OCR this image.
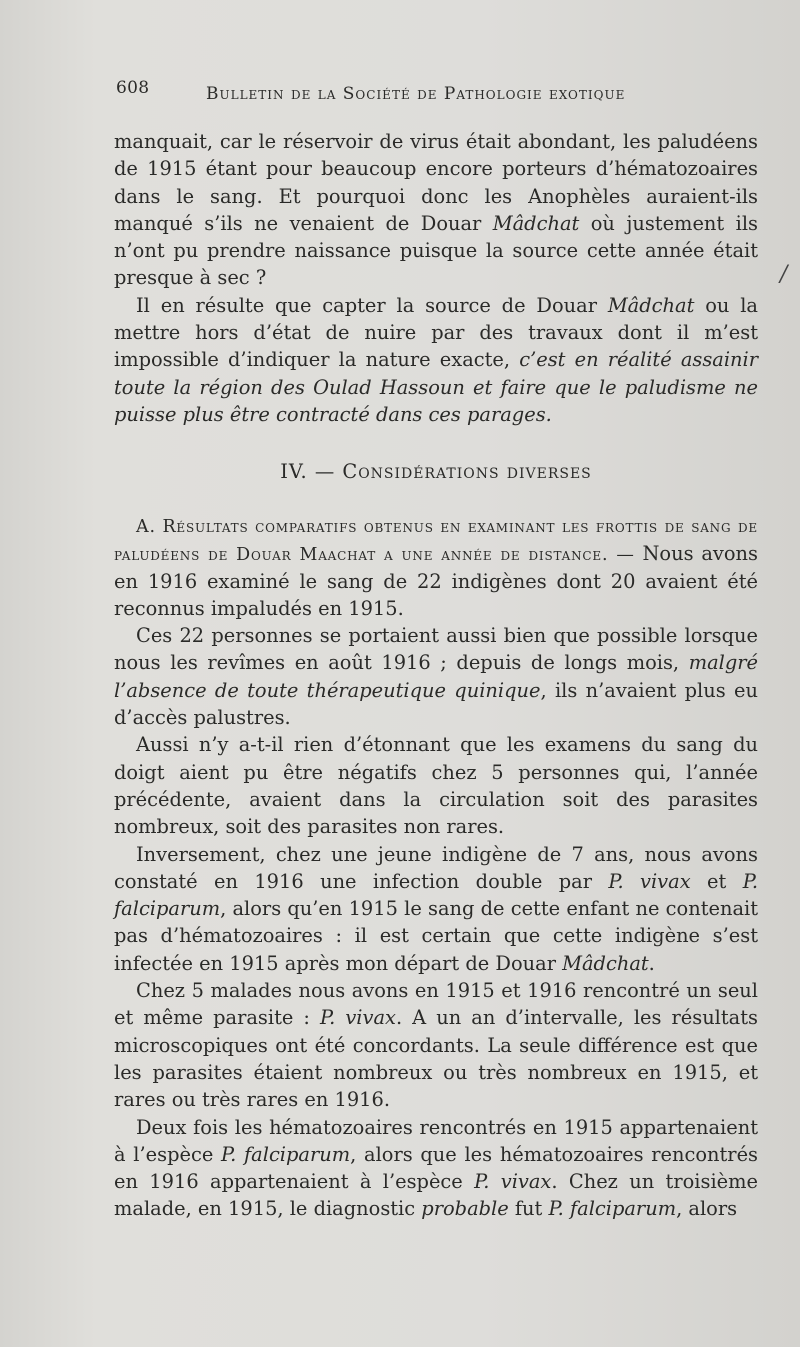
608	Bulletin de la Société de Pathologie exotique
/

manquait, car le réservoir de virus était abondant, les paludéens de 1915 étant pour beaucoup encore porteurs d’hématozoaires dans le sang. Et pourquoi donc les Anophèles auraient-ils manqué s’ils ne venaient de Douar Mâdchat où justement ils n’ont pu prendre naissance puisque la source cette année était presque à sec ?

Il en résulte que capter la source de Douar Mâdchat ou la mettre hors d’état de nuire par des travaux dont il m’est impossible d’indiquer la nature exacte, c’est en réalité assainir toute la région des Oulad Hassoun et faire que le paludisme ne puisse plus être contracté dans ces parages.

IV. — Considérations diverses

A. Résultats comparatifs obtenus en examinant les frottis de sang de paludéens de Douar Maachat a une année de distance. — Nous avons en 1916 examiné le sang de 22 indigènes dont 20 avaient été reconnus impaludés en 1915.

Ces 22 personnes se portaient aussi bien que possible lorsque nous les revîmes en août 1916 ; depuis de longs mois, malgré l’absence de toute thérapeutique quinique, ils n’avaient plus eu d’accès palustres.

Aussi n’y a-t-il rien d’étonnant que les examens du sang du doigt aient pu être négatifs chez 5 personnes qui, l’année précédente, avaient dans la circulation soit des parasites nombreux, soit des parasites non rares.

Inversement, chez une jeune indigène de 7 ans, nous avons constaté en 1916 une infection double par P. vivax et P. falciparum, alors qu’en 1915 le sang de cette enfant ne contenait pas d’hématozoaires : il est certain que cette indigène s’est infectée en 1915 après mon départ de Douar Mâdchat.

Chez 5 malades nous avons en 1915 et 1916 rencontré un seul et même parasite : P. vivax. A un an d’intervalle, les résultats microscopiques ont été concordants. La seule différence est que les parasites étaient nombreux ou très nombreux en 1915, et rares ou très rares en 1916.

Deux fois les hématozoaires rencontrés en 1915 appartenaient à l’espèce P. falciparum, alors que les hématozoaires rencontrés en 1916 appartenaient à l’espèce P. vivax. Chez un troisième malade, en 1915, le diagnostic probable fut P. falciparum, alors
